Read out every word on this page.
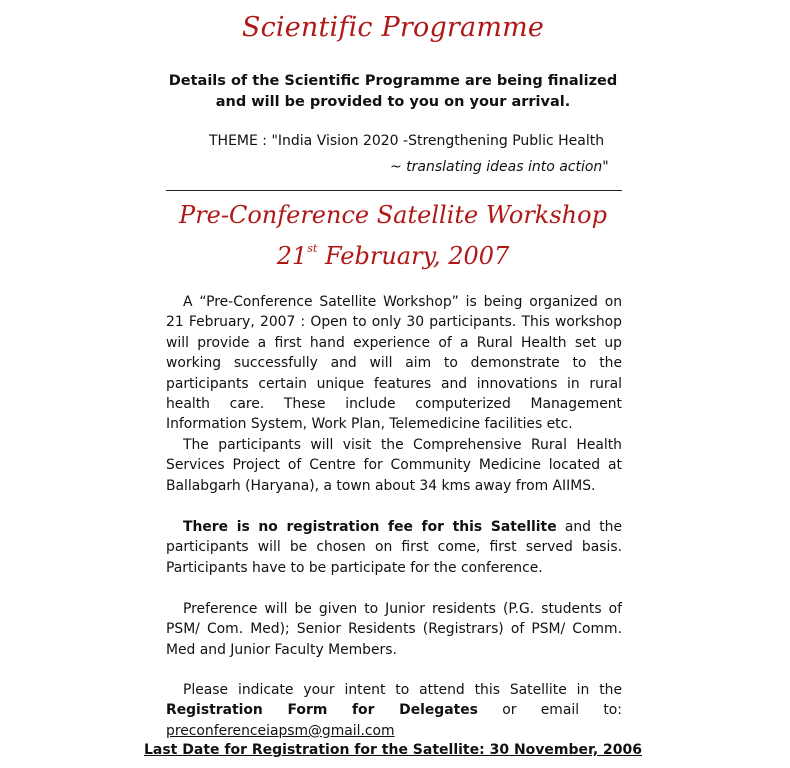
Scientific Programme
Details of the Scientific Programme are being finalized
and will be provided to you on your arrival.
THEME : "India Vision 2020 -Strengthening Public Health
~ translating ideas into action"
Pre-Conference Satellite Workshop
21st February, 2007
A “Pre-Conference Satellite Workshop” is being organized on 21 February, 2007 : Open to only 30 participants. This workshop will provide a first hand experience of a Rural Health set up working successfully and will aim to demonstrate to the participants certain unique features and innovations in rural health care. These include computerized Management Information System, Work Plan, Telemedicine facilities etc.
The participants will visit the Comprehensive Rural Health Services Project of Centre for Community Medicine located at Ballabgarh (Haryana), a town about 34 kms away from AIIMS.
There is no registration fee for this Satellite and the participants will be chosen on first come, first served basis. Participants have to be participate for the conference.
Preference will be given to Junior residents (P.G. students of PSM/ Com. Med); Senior Residents (Registrars) of PSM/ Comm. Med and Junior Faculty Members.
Please indicate your intent to attend this Satellite in the Registration Form for Delegates or email to: preconferenceiapsm@gmail.com
Last Date for Registration for the Satellite: 30 November, 2006
